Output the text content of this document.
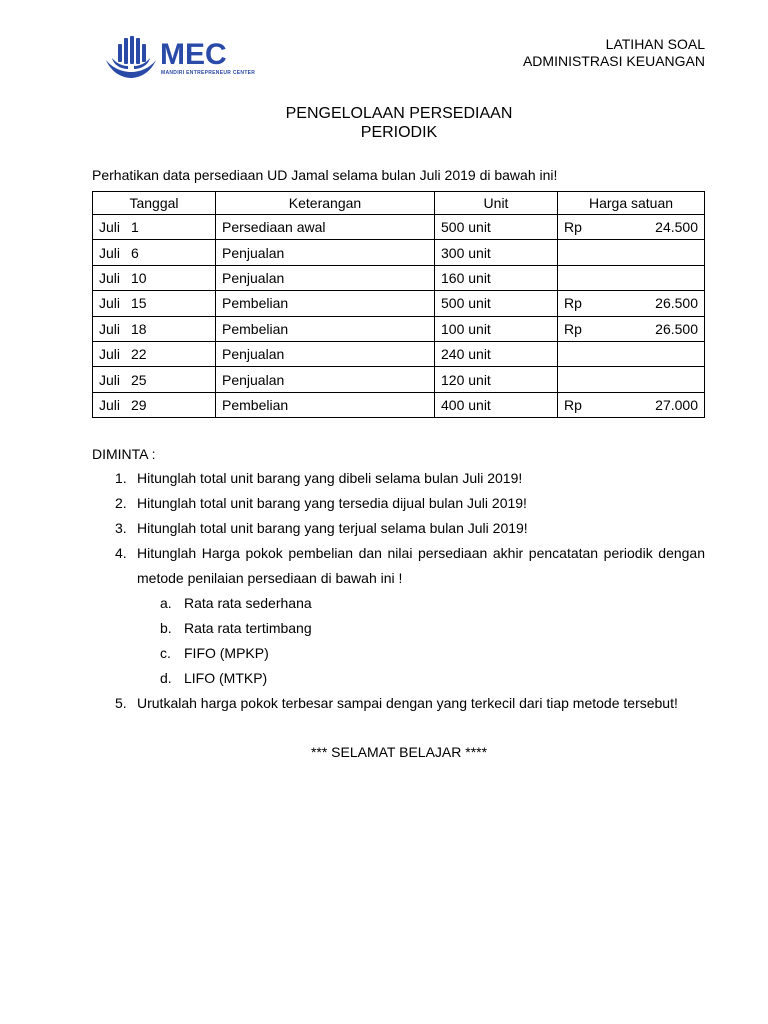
MEC
MANDIRI ENTREPRENEUR CENTER
LATIHAN SOAL
ADMINISTRASI KEUANGAN
PENGELOLAAN PERSEDIAAN
PERIODIK
Perhatikan data persediaan UD Jamal selama bulan Juli 2019 di bawah ini!
Tanggal	Keterangan	Unit	Harga satuan
Juli 1	Persediaan awal	500 unit	Rp 24.500

Juli 6	Penjualan	300 unit	

Juli 10	Penjualan	160 unit	

Juli 15	Pembelian	500 unit	Rp 26.500

Juli 18	Pembelian	100 unit	Rp 26.500

Juli 22	Penjualan	240 unit	

Juli 25	Penjualan	120 unit	

Juli 29	Pembelian	400 unit	Rp 27.000
DIMINTA :
1. Hitunglah total unit barang yang dibeli selama bulan Juli 2019!
2. Hitunglah total unit barang yang tersedia dijual bulan Juli 2019!
3. Hitunglah total unit barang yang terjual selama bulan Juli 2019!
4. Hitunglah Harga pokok pembelian dan nilai persediaan akhir pencatatan periodik dengan metode penilaian persediaan di bawah ini !
a. Rata rata sederhana
b. Rata rata tertimbang
c. FIFO (MPKP)
d. LIFO (MTKP)
5. Urutkalah harga pokok terbesar sampai dengan yang terkecil dari tiap metode tersebut!
*** SELAMAT BELAJAR ****
